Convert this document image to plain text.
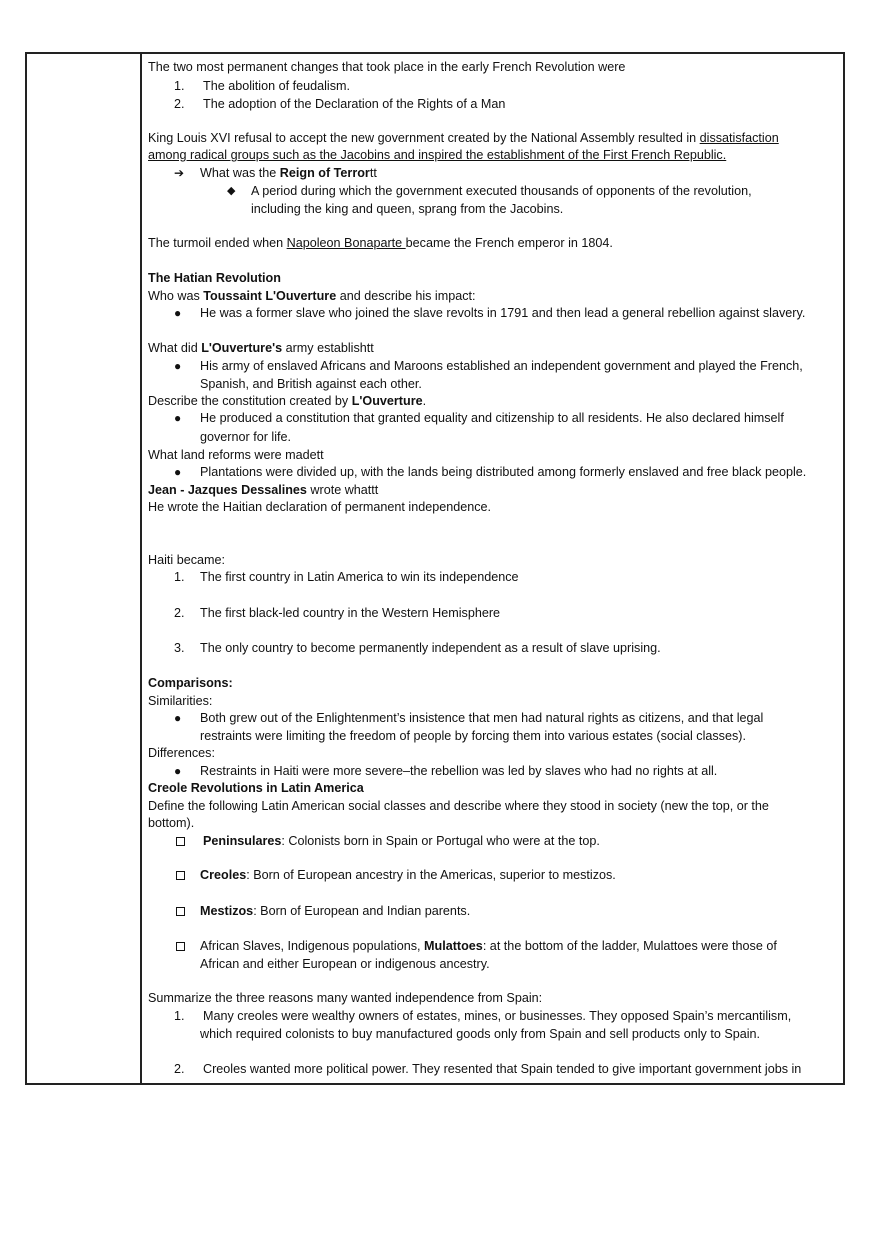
The two most permanent changes that took place in the early French Revolution were
1. The abolition of feudalism.
2. The adoption of the Declaration of the Rights of a Man
King Louis XVI refusal to accept the new government created by the National Assembly resulted in dissatisfaction
among radical groups such as the Jacobins and inspired the establishment of the First French Republic.
➔ What was the Reign of Terrortt
◆ A period during which the government executed thousands of opponents of the revolution,
including the king and queen, sprang from the Jacobins.
The turmoil ended when Napoleon Bonaparte became the French emperor in 1804.
The Hatian Revolution
Who was Toussaint L'Ouverture and describe his impact:
● He was a former slave who joined the slave revolts in 1791 and then lead a general rebellion against slavery.
What did L'Ouverture's army establishtt
● His army of enslaved Africans and Maroons established an independent government and played the French,
Spanish, and British against each other.
Describe the constitution created by L'Ouverture.
● He produced a constitution that granted equality and citizenship to all residents. He also declared himself
governor for life.
What land reforms were madett
● Plantations were divided up, with the lands being distributed among formerly enslaved and free black people.
Jean - Jazques Dessalines wrote whattt
He wrote the Haitian declaration of permanent independence.
Haiti became:
1. The first country in Latin America to win its independence
2. The first black-led country in the Western Hemisphere
3. The only country to become permanently independent as a result of slave uprising.
Comparisons:
Similarities:
● Both grew out of the Enlightenment’s insistence that men had natural rights as citizens, and that legal
restraints were limiting the freedom of people by forcing them into various estates (social classes).
Differences:
● Restraints in Haiti were more severe–the rebellion was led by slaves who had no rights at all.
Creole Revolutions in Latin America
Define the following Latin American social classes and describe where they stood in society (new the top, or the
bottom).
Peninsulares: Colonists born in Spain or Portugal who were at the top.
Creoles: Born of European ancestry in the Americas, superior to mestizos.
Mestizos: Born of European and Indian parents.
African Slaves, Indigenous populations, Mulattoes: at the bottom of the ladder, Mulattoes were those of
African and either European or indigenous ancestry.
Summarize the three reasons many wanted independence from Spain:
1. Many creoles were wealthy owners of estates, mines, or businesses. They opposed Spain’s mercantilism,
which required colonists to buy manufactured goods only from Spain and sell products only to Spain.
2. Creoles wanted more political power. They resented that Spain tended to give important government jobs in
